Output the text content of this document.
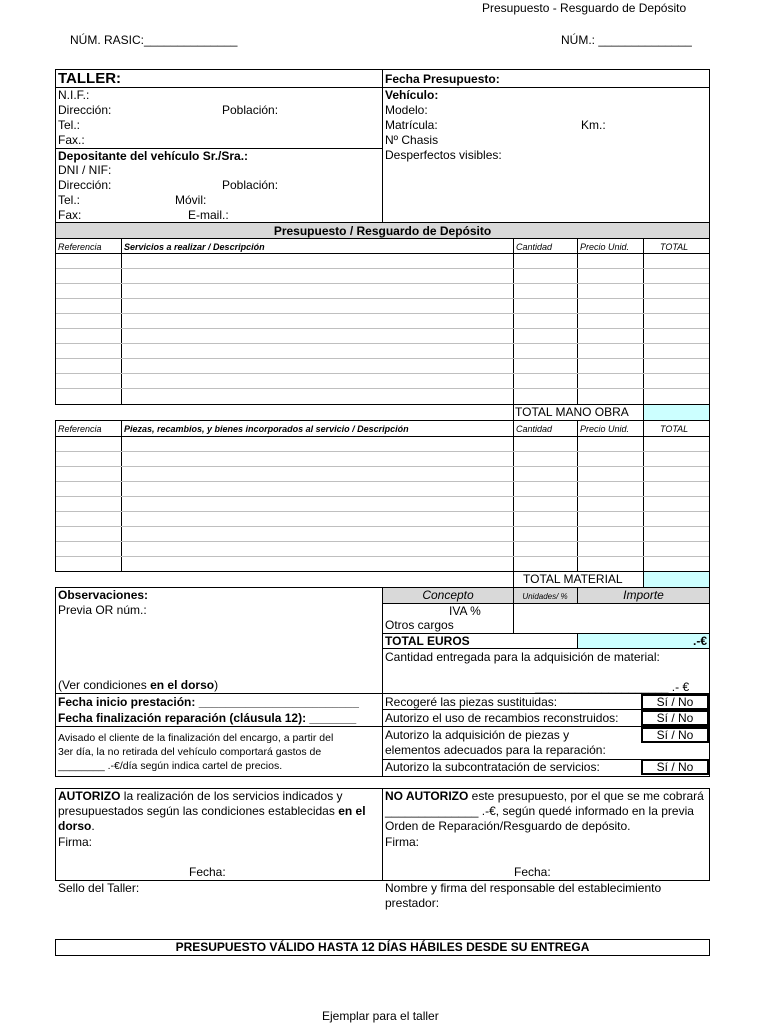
Presupuesto - Resguardo de Depósito
NÚM. RASIC:______________	NÚM.: ______________
TALLER:
N.I.F.:
Dirección:	Población:
Tel.:
Fax.:
Depositante del vehículo Sr./Sra.:
DNI / NIF:
Dirección:	Población:
Tel.:	Móvil:
Fax:	E-mail.:
Fecha Presupuesto:
Vehículo:
Modelo:
Matrícula:	Km.:
Nº Chasis
Desperfectos visibles:
Presupuesto / Resguardo de Depósito
Referencia Servicios a realizar / Descripción	Cantidad	Precio Unid.	TOTAL
TOTAL MANO OBRA
Referencia Piezas, recambios, y bienes incorporados al servicio / Descripción	Cantidad	Precio Unid.	TOTAL
TOTAL MATERIAL
Observaciones:
Previa OR núm.:
(Ver condiciones en el dorso)
Fecha inicio prestación: ________________________
Fecha finalización reparación (cláusula 12): _______
Avisado el cliente de la finalización del encargo, a partir del
3er día, la no retirada del vehículo comportará gastos de
________ .-€/día según indica cartel de precios.
Concepto	Unidades/ %	Importe
IVA %
Otros cargos
TOTAL EUROS	.-€
Cantidad entregada para la adquisición de material:
____________________ .- €
Recogeré las piezas sustituidas:	Sí / No
Autorizo el uso de recambios reconstruidos:	Sí / No
Autorizo la adquisición de piezas y
elementos adecuados para la reparación:
Sí / No
Autorizo la subcontratación de servicios:	Sí / No
AUTORIZO la realización de los servicios indicados y presupuestados según las condiciones establecidas en el dorso.
Firma:
Fecha:
NO AUTORIZO este presupuesto, por el que se me cobrará ______________ .-€, según quedé informado en la previa Orden de Reparación/Resguardo de depósito.
Firma:
Fecha:
Sello del Taller:	Nombre y firma del responsable del establecimiento prestador:
PRESUPUESTO VÁLIDO HASTA 12 DÍAS HÁBILES DESDE SU ENTREGA
Ejemplar para el taller
